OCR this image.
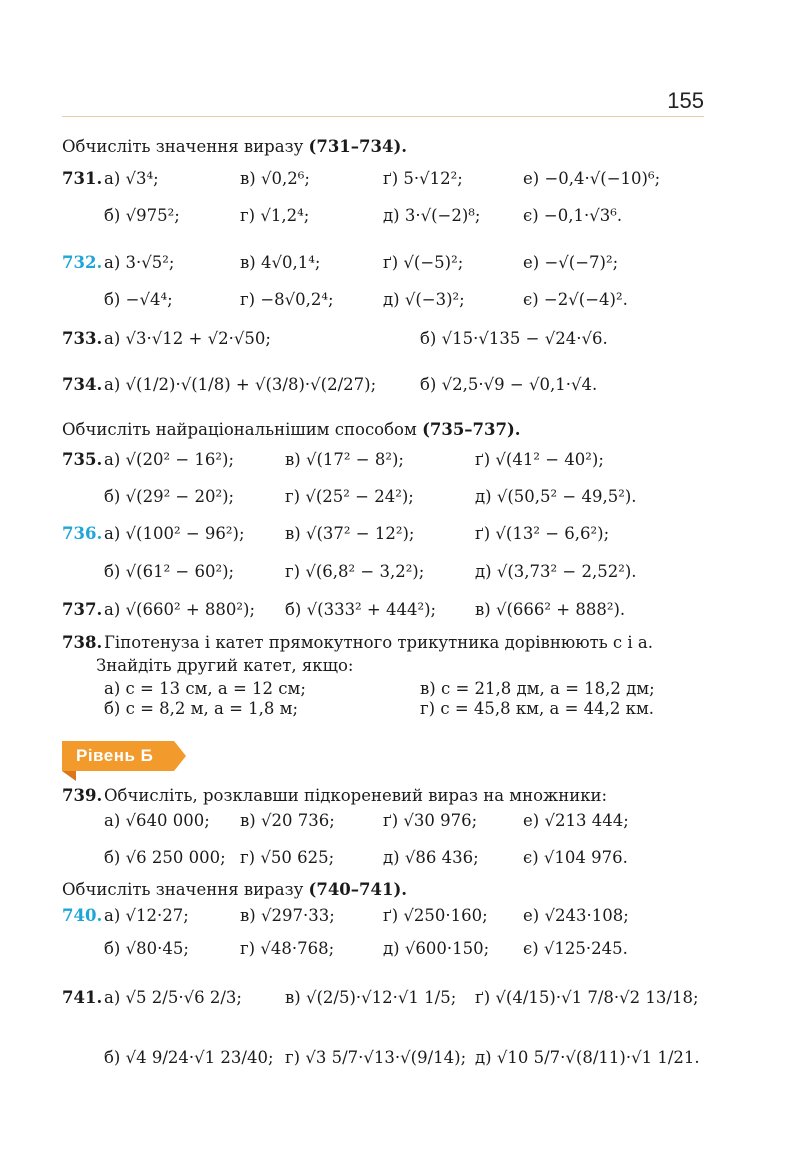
155
Обчисліть значення виразу (731–734).
731. а) √3⁴;	в) √0,2⁶;	ґ) 5·√12²;	е) −0,4·√(−10)⁶;
б) √975²;	г) √1,2⁴;	д) 3·√(−2)⁸;	є) −0,1·√3⁶.
732. а) 3·√5²;	в) 4√0,1⁴;	ґ) √(−5)²;	е) −√(−7)²;
б) −√4⁴;	г) −8√0,2⁴;	д) √(−3)²;	є) −2√(−4)².
733. а) √3·√12 + √2·√50;	б) √15·√135 − √24·√6.
734. а) √(1/2)·√(1/8) + √(3/8)·√(2/27);	б) √2,5·√9 − √0,1·√4.
Обчисліть найраціональнішим способом (735–737).
735. а) √(20² − 16²);	в) √(17² − 8²);	ґ) √(41² − 40²);
б) √(29² − 20²);	г) √(25² − 24²);	д) √(50,5² − 49,5²).
736. а) √(100² − 96²); в) √(37² − 12²);	ґ) √(13² − 6,6²);
б) √(61² − 60²);	г) √(6,8² − 3,2²);	д) √(3,73² − 2,52²).
737. а) √(660² + 880²); б) √(333² + 444²); в) √(666² + 888²).
738. Гіпотенуза і катет прямокутного трикутника дорівнюють c і a.
Знайдіть другий катет, якщо:
а) c = 13 см, a = 12 см;	в) c = 21,8 дм, a = 18,2 дм;
б) c = 8,2 м, a = 1,8 м;	г) c = 45,8 км, a = 44,2 км.
Рівень Б
739. Обчисліть, розклавши підкореневий вираз на множники:
а) √640 000; в) √20 736;	ґ) √30 976;	е) √213 444;
б) √6 250 000; г) √50 625;	д) √86 436;	є) √104 976.
Обчисліть значення виразу (740–741).
740. а) √12·27;	в) √297·33;	ґ) √250·160; е) √243·108;
б) √80·45;	г) √48·768;	д) √600·150; є) √125·245.
741. а) √5 2/5·√6 2/3;	в) √(2/5)·√12·√1 1/5; ґ) √(4/15)·√1 7/8·√2 13/18;
б) √4 9/24·√1 23/40; г) √3 5/7·√13·√(9/14); д) √10 5/7·√(8/11)·√1 1/21.
